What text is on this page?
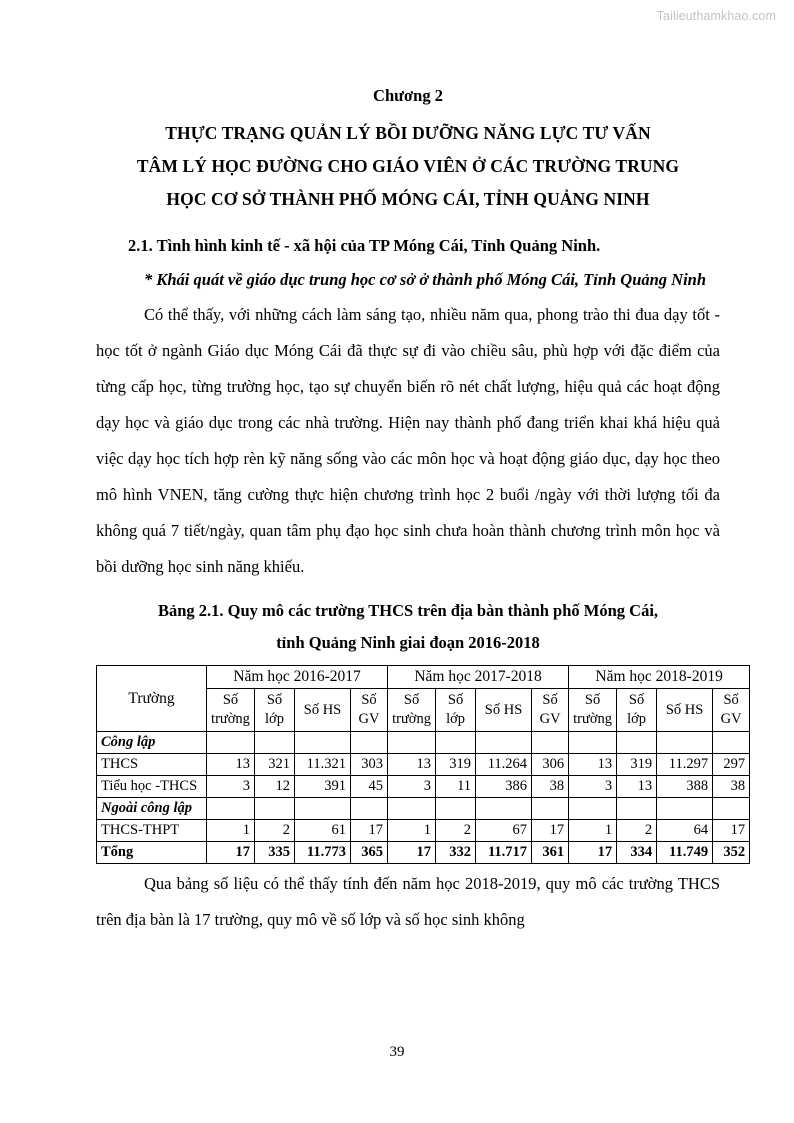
Tailieuthamkhao.com
Chương 2
THỰC TRẠNG QUẢN LÝ BỒI DƯỠNG NĂNG LỰC TƯ VẤN
TÂM LÝ HỌC ĐƯỜNG CHO GIÁO VIÊN Ở CÁC TRƯỜNG TRUNG
HỌC CƠ SỞ THÀNH PHỐ MÓNG CÁI, TỈNH QUẢNG NINH
2.1. Tình hình kinh tế - xã hội của TP Móng Cái, Tỉnh Quảng Ninh.
* Khái quát về giáo dục trung học cơ sở ở thành phố Móng Cái, Tỉnh Quảng Ninh

Có thể thấy, với những cách làm sáng tạo, nhiều năm qua, phong trào thi đua dạy tốt - học tốt ở ngành Giáo dục Móng Cái đã thực sự đi vào chiều sâu, phù hợp với đặc điểm của từng cấp học, từng trường học, tạo sự chuyển biến rõ nét chất lượng, hiệu quả các hoạt động dạy học và giáo dục trong các nhà trường. Hiện nay thành phố đang triển khai khá hiệu quả việc dạy học tích hợp rèn kỹ năng sống vào các môn học và hoạt động giáo dục, dạy học theo mô hình VNEN, tăng cường thực hiện chương trình học 2 buổi /ngày với thời lượng tối đa không quá 7 tiết/ngày, quan tâm phụ đạo học sinh chưa hoàn thành chương trình môn học và bồi dưỡng học sinh năng khiếu.

Bảng 2.1. Quy mô các trường THCS trên địa bàn thành phố Móng Cái,
tỉnh Quảng Ninh giai đoạn 2016-2018
Trường	Năm học 2016-2017				Năm học 2017-2018				Năm học 2018-2019			
	Số trường	Số lớp	Số HS	Số GV	Số trường	Số lớp	Số HS	Số GV	Số trường	Số lớp	Số HS	Số GV
Công lập												
THCS	13	321	11.321	303	13	319	11.264	306	13	319	11.297	297
Tiểu học -THCS	3	12	391	45	3	11	386	38	3	13	388	38
Ngoài công lập												
THCS-THPT	1	2	61	17	1	2	67	17	1	2	64	17
Tổng	17	335	11.773	365	17	332	11.717	361	17	334	11.749	352

Qua bảng số liệu có thể thấy tính đến năm học 2018-2019, quy mô các trường THCS trên địa bàn là 17 trường, quy mô về số lớp và số học sinh không

39
